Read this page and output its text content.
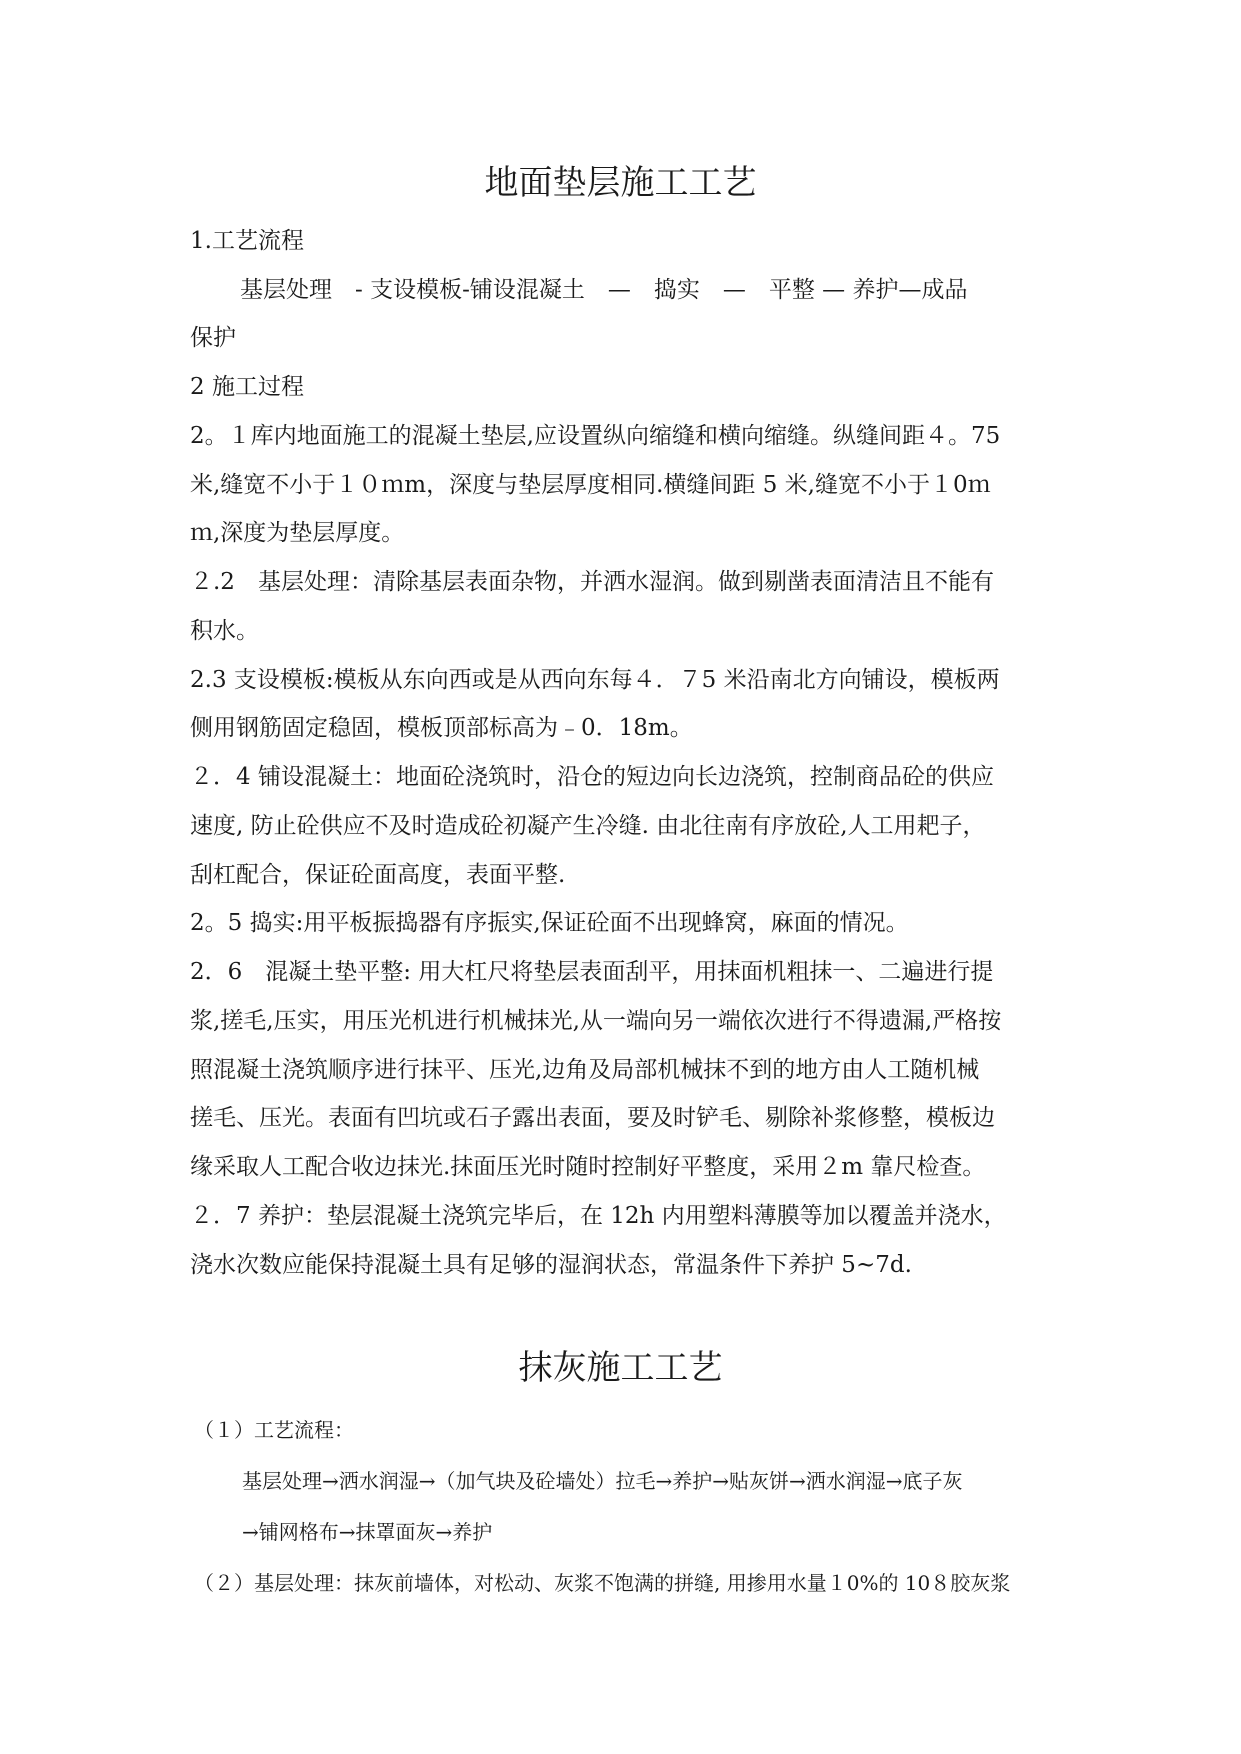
地面垫层施工工艺

1.工艺流程

基层处理　- 支设模板-铺设混凝土　—　捣实　—　平整 — 养护—成品

保护

2 施工过程

2。１库内地面施工的混凝土垫层,应设置纵向缩缝和横向缩缝。纵缝间距４。75

米,缝宽不小于１０ｍm，深度与垫层厚度相同.横缝间距 5 米,缝宽不小于１0ｍ

ｍ,深度为垫层厚度。

２.2　基层处理：清除基层表面杂物，并洒水湿润。做到剔凿表面清洁且不能有

积水。

2.3 支设模板:模板从东向西或是从西向东每４．７5 米沿南北方向铺设，模板两

侧用钢筋固定稳固，模板顶部标高为﹣0．18m。

２．4 铺设混凝土：地面砼浇筑时，沿仓的短边向长边浇筑，控制商品砼的供应

速度, 防止砼供应不及时造成砼初凝产生冷缝. 由北往南有序放砼,人工用耙子，

刮杠配合，保证砼面高度，表面平整.

2。5 捣实:用平板振捣器有序振实,保证砼面不出现蜂窝，麻面的情况。

2．6　混凝土垫平整: 用大杠尺将垫层表面刮平，用抹面机粗抹一、二遍进行提

浆,搓毛,压实，用压光机进行机械抹光,从一端向另一端依次进行不得遗漏,严格按

照混凝土浇筑顺序进行抹平、压光,边角及局部机械抹不到的地方由人工随机械

搓毛、压光。表面有凹坑或石子露出表面，要及时铲毛、剔除补浆修整，模板边

缘采取人工配合收边抹光.抹面压光时随时控制好平整度，采用２m 靠尺检查。

２．7 养护：垫层混凝土浇筑完毕后，在 12h 内用塑料薄膜等加以覆盖并浇水，

浇水次数应能保持混凝土具有足够的湿润状态，常温条件下养护 5~7d.

抹灰施工工艺

（１）工艺流程：

基层处理→洒水润湿→（加气块及砼墙处）拉毛→养护→贴灰饼→洒水润湿→底子灰

→铺网格布→抹罩面灰→养护

（２）基层处理：抹灰前墙体，对松动、灰浆不饱满的拼缝, 用掺用水量１0%的 10８胶灰浆
